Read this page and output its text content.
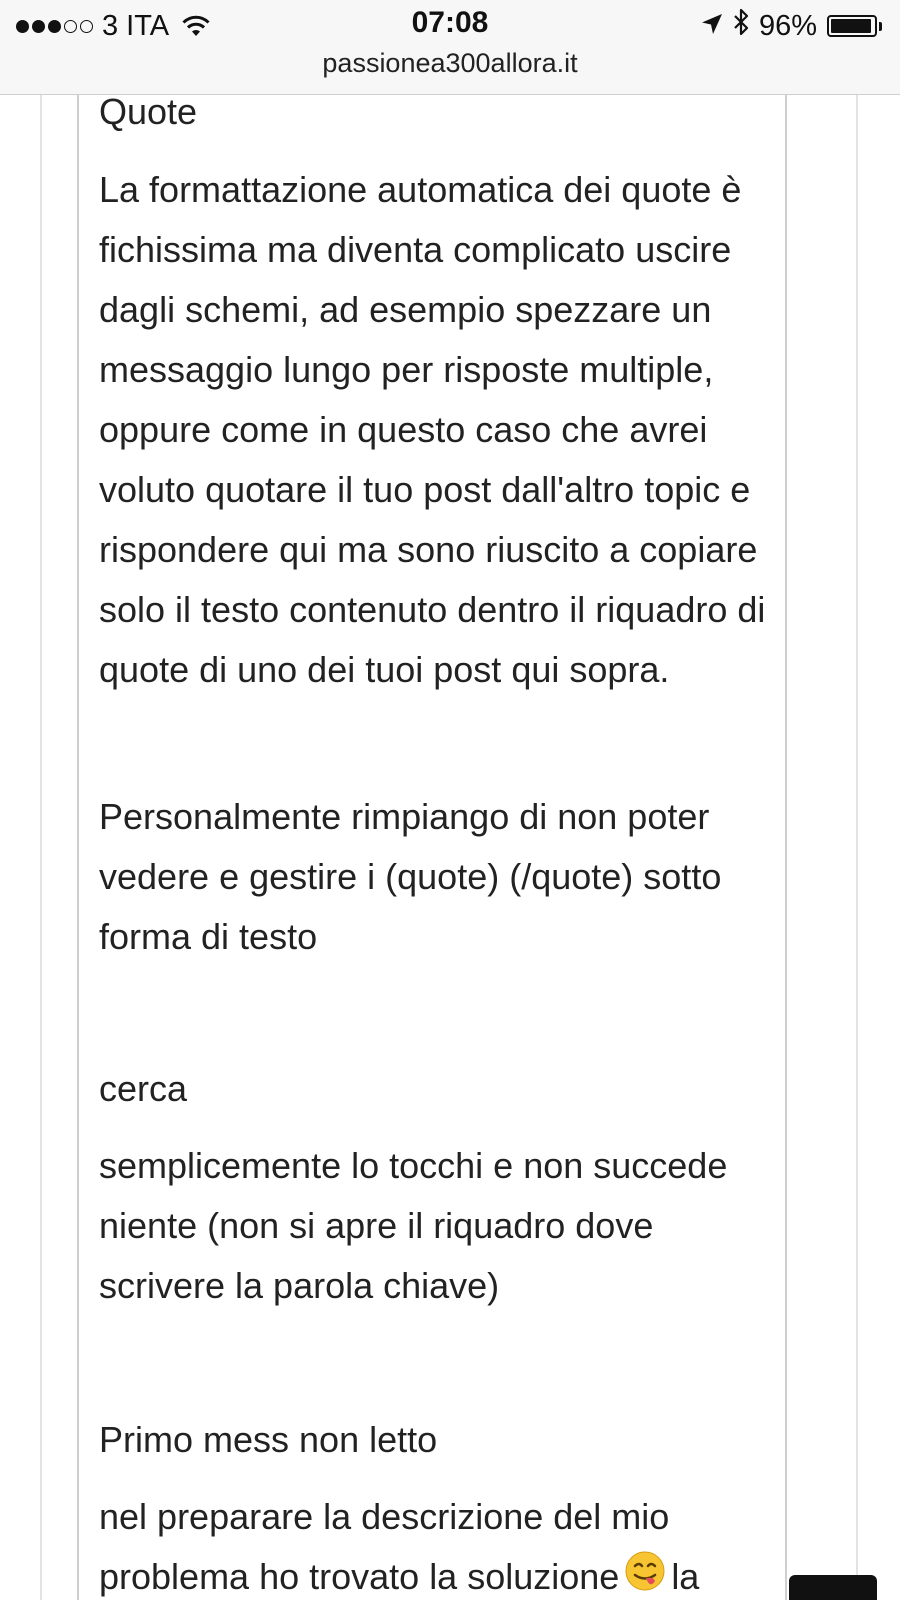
3 ITA	07:08	96%
passionea300allora.it

Quote

La formattazione automatica dei quote è fichissima ma diventa complicato uscire dagli schemi, ad esempio spezzare un messaggio lungo per risposte multiple, oppure come in questo caso che avrei voluto quotare il tuo post dall'altro topic e rispondere qui ma sono riuscito a copiare solo il testo contenuto dentro il riquadro di quote di uno dei tuoi post qui sopra.

Personalmente rimpiango di non poter vedere e gestire i (quote) (/quote) sotto forma di testo

cerca

semplicemente lo tocchi e non succede niente (non si apre il riquadro dove scrivere la parola chiave)

Primo mess non letto

nel preparare la descrizione del mio
problema ho trovato la soluzione la
